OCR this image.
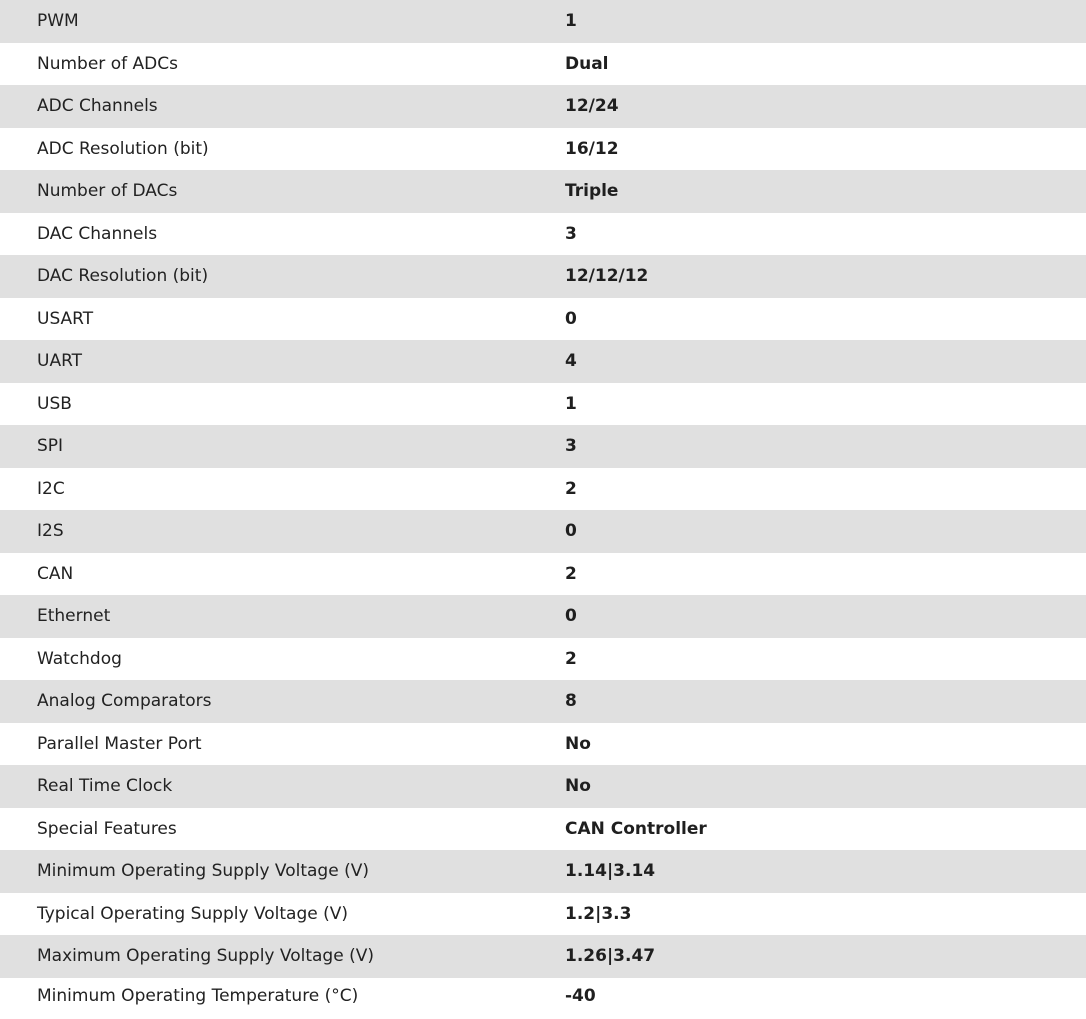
PWM	1
Number of ADCs	Dual
ADC Channels	12/24
ADC Resolution (bit)	16/12
Number of DACs	Triple
DAC Channels	3
DAC Resolution (bit)	12/12/12
USART	0
UART	4
USB	1
SPI	3
I2C	2
I2S	0
CAN	2
Ethernet	0
Watchdog	2
Analog Comparators	8
Parallel Master Port	No
Real Time Clock	No
Special Features	CAN Controller
Minimum Operating Supply Voltage (V)	1.14|3.14
Typical Operating Supply Voltage (V)	1.2|3.3
Maximum Operating Supply Voltage (V)	1.26|3.47
Minimum Operating Temperature (°C)	-40
